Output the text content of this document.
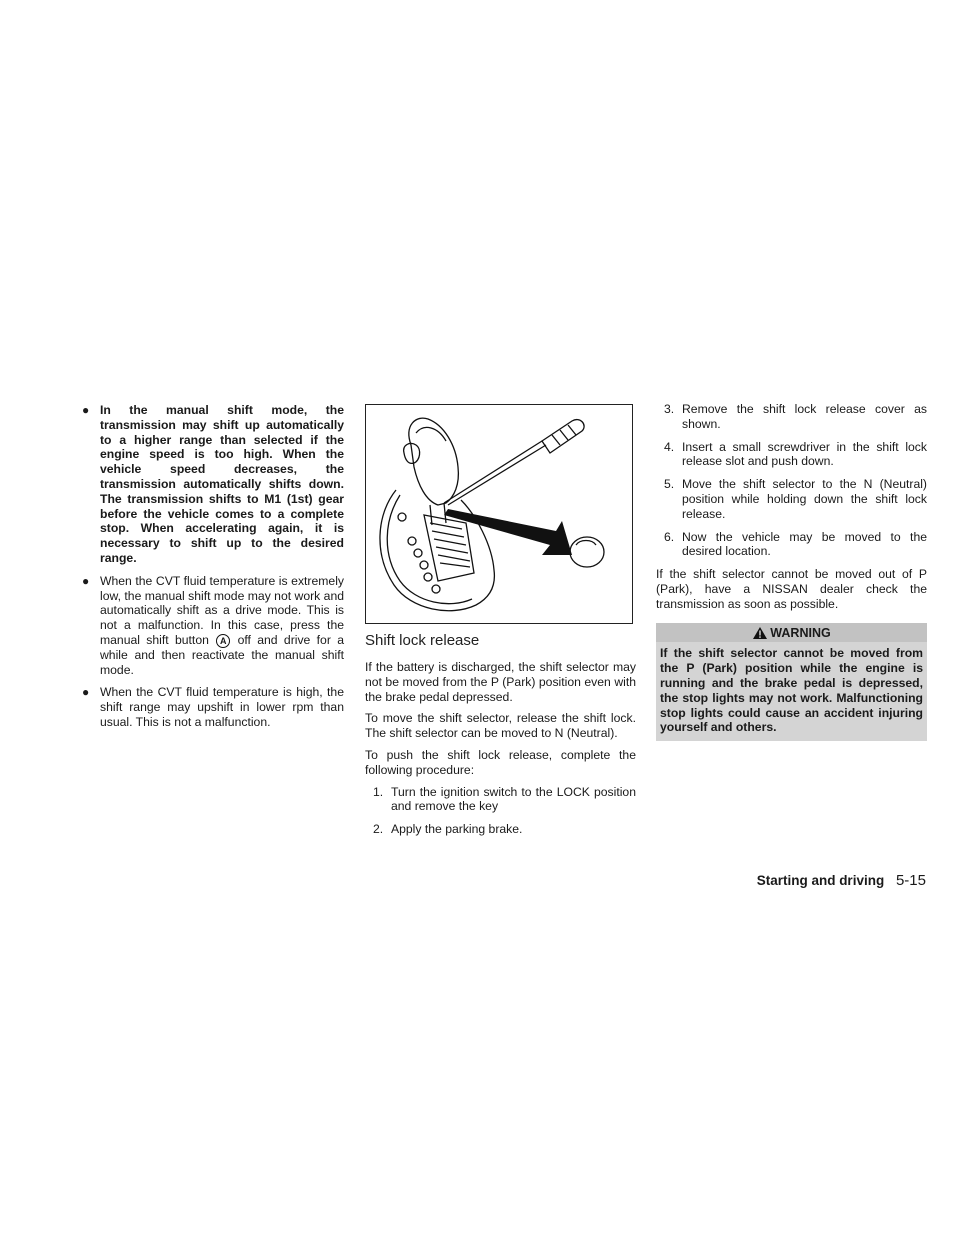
● In the manual shift mode, the transmission may shift up automatically to a higher range than selected if the engine speed is too high. When the vehicle speed decreases, the transmission automatically shifts down. The transmission shifts to M1 (1st) gear before the vehicle comes to a complete stop. When accelerating again, it is necessary to shift up to the desired range.
● When the CVT fluid temperature is extremely low, the manual shift mode may not work and automatically shift as a drive mode. This is not a malfunction. In this case, press the manual shift button A off and drive for a while and then reactivate the manual shift mode.
● When the CVT fluid temperature is high, the shift range may upshift in lower rpm than usual. This is not a malfunction.
Shift lock release

If the battery is discharged, the shift selector may not be moved from the P (Park) position even with the brake pedal depressed.

To move the shift selector, release the shift lock. The shift selector can be moved to N (Neutral).

To push the shift lock release, complete the following procedure:

1. Turn the ignition switch to the LOCK position and remove the key
2. Apply the parking brake.
3. Remove the shift lock release cover as shown.
4. Insert a small screwdriver in the shift lock release slot and push down.
5. Move the shift selector to the N (Neutral) position while holding down the shift lock release.
6. Now the vehicle may be moved to the desired location.

If the shift selector cannot be moved out of P (Park), have a NISSAN dealer check the transmission as soon as possible.

WARNING
If the shift selector cannot be moved from the P (Park) position while the engine is running and the brake pedal is depressed, the stop lights may not work. Malfunctioning stop lights could cause an accident injuring yourself and others.
Starting and driving 5-15
